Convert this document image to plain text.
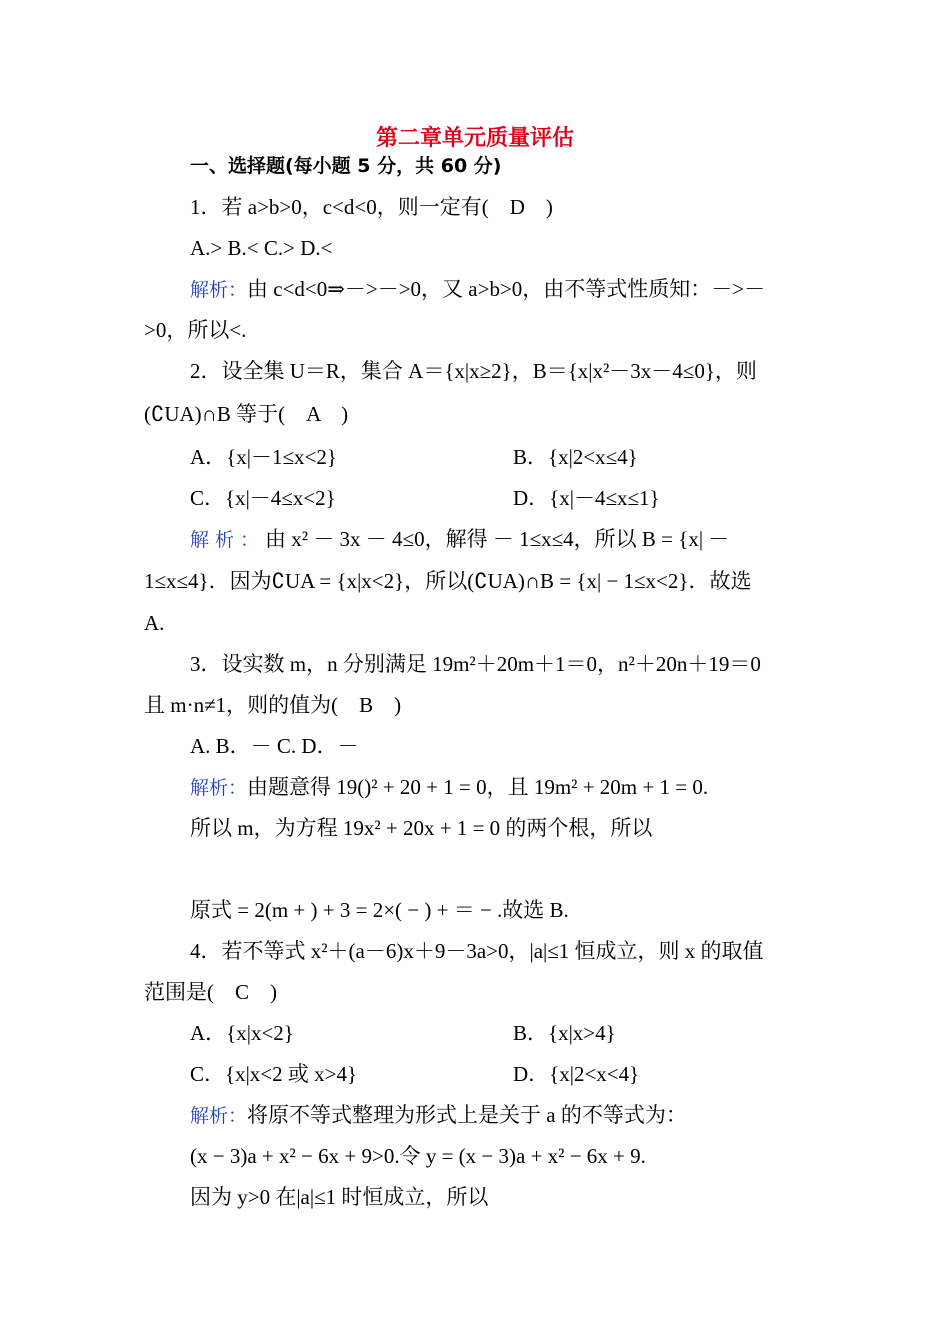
第二章单元质量评估
一、选择题(每小题 5 分，共 60 分)
1．若 a>b>0，c<d<0，则一定有(　D　)
A.> B.< C.> D.<
解析：由 c<d<0⇒－>－>0，又 a>b>0，由不等式性质知：－>－
>0，所以<.
2．设全集 U＝R，集合 A＝{x|x≥2}，B＝{x|x²－3x－4≤0}，则
(∁UA)∩B 等于(　A　)
A．{x|－1≤x<2}	B．{x|2<x≤4}
C．{x|－4≤x<2}	D．{x|－4≤x≤1}
解析：由 x² － 3x － 4≤0，解得 － 1≤x≤4，所以 B = {x| －
1≤x≤4}．因为∁UA = {x|x<2}，所以(∁UA)∩B = {x| − 1≤x<2}．故选
A.
3．设实数 m，n 分别满足 19m²＋20m＋1＝0，n²＋20n＋19＝0
且 m·n≠1，则的值为(　B　)
A. B．－ C. D．－
解析：由题意得 19()² + 20 + 1 = 0，且 19m² + 20m + 1 = 0.
所以 m，为方程 19x² + 20x + 1 = 0 的两个根，所以
原式 = 2(m + ) + 3 = 2×( − ) + ＝ − .故选 B.
4．若不等式 x²＋(a－6)x＋9－3a>0，|a|≤1 恒成立，则 x 的取值
范围是(　C　)
A．{x|x<2}	B．{x|x>4}
C．{x|x<2 或 x>4}	D．{x|2<x<4}
解析：将原不等式整理为形式上是关于 a 的不等式为：
(x − 3)a + x² − 6x + 9>0.令 y = (x − 3)a + x² − 6x + 9.
因为 y>0 在|a|≤1 时恒成立，所以
